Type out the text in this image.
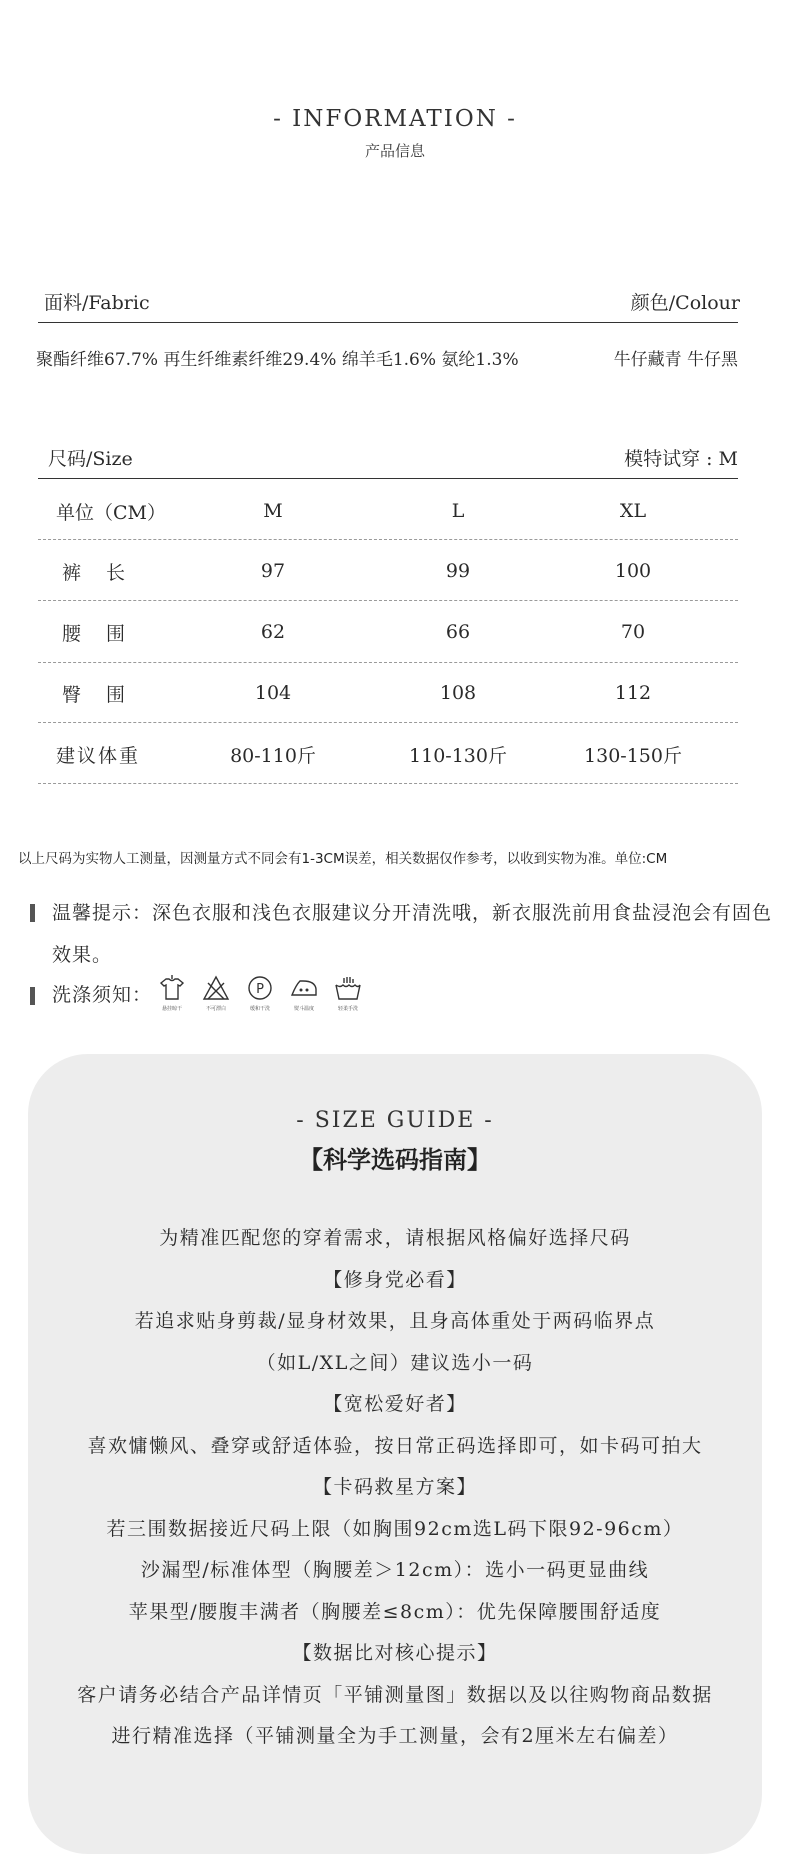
- INFORMATION -
产品信息
面料/Fabric	颜色/Colour
聚酯纤维67.7% 再生纤维素纤维29.4% 绵羊毛1.6% 氨纶1.3%	牛仔藏青 牛仔黑
尺码/Size	模特试穿 : M
单位（CM）	M	L	XL
裤　 长	97	99	100
腰　 围	62	66	70
臀　 围	104	108	112
建议体重	80-110斤	110-130斤	130-150斤
以上尺码为实物人工测量，因测量方式不同会有1-3CM误差，相关数据仅作参考，以收到实物为准。单位:CM
温馨提示：深色衣服和浅色衣服建议分开清洗哦，新衣服洗前用食盐浸泡会有固色效果。
洗涤须知：
悬挂晾干	不可漂白
P
缓和干洗	熨斗温度	轻柔手洗
- SIZE GUIDE -
【科学选码指南】
为精准匹配您的穿着需求，请根据风格偏好选择尺码
【修身党必看】
若追求贴身剪裁/显身材效果，且身高体重处于两码临界点
（如L/XL之间）建议选小一码
【宽松爱好者】
喜欢慵懒风、叠穿或舒适体验，按日常正码选择即可，如卡码可拍大
【卡码救星方案】
若三围数据接近尺码上限（如胸围92cm选L码下限92-96cm）
沙漏型/标准体型（胸腰差＞12cm）：选小一码更显曲线
苹果型/腰腹丰满者（胸腰差≤8cm）：优先保障腰围舒适度
【数据比对核心提示】
客户请务必结合产品详情页「平铺测量图」数据以及以往购物商品数据
进行精准选择（平铺测量全为手工测量，会有2厘米左右偏差）
